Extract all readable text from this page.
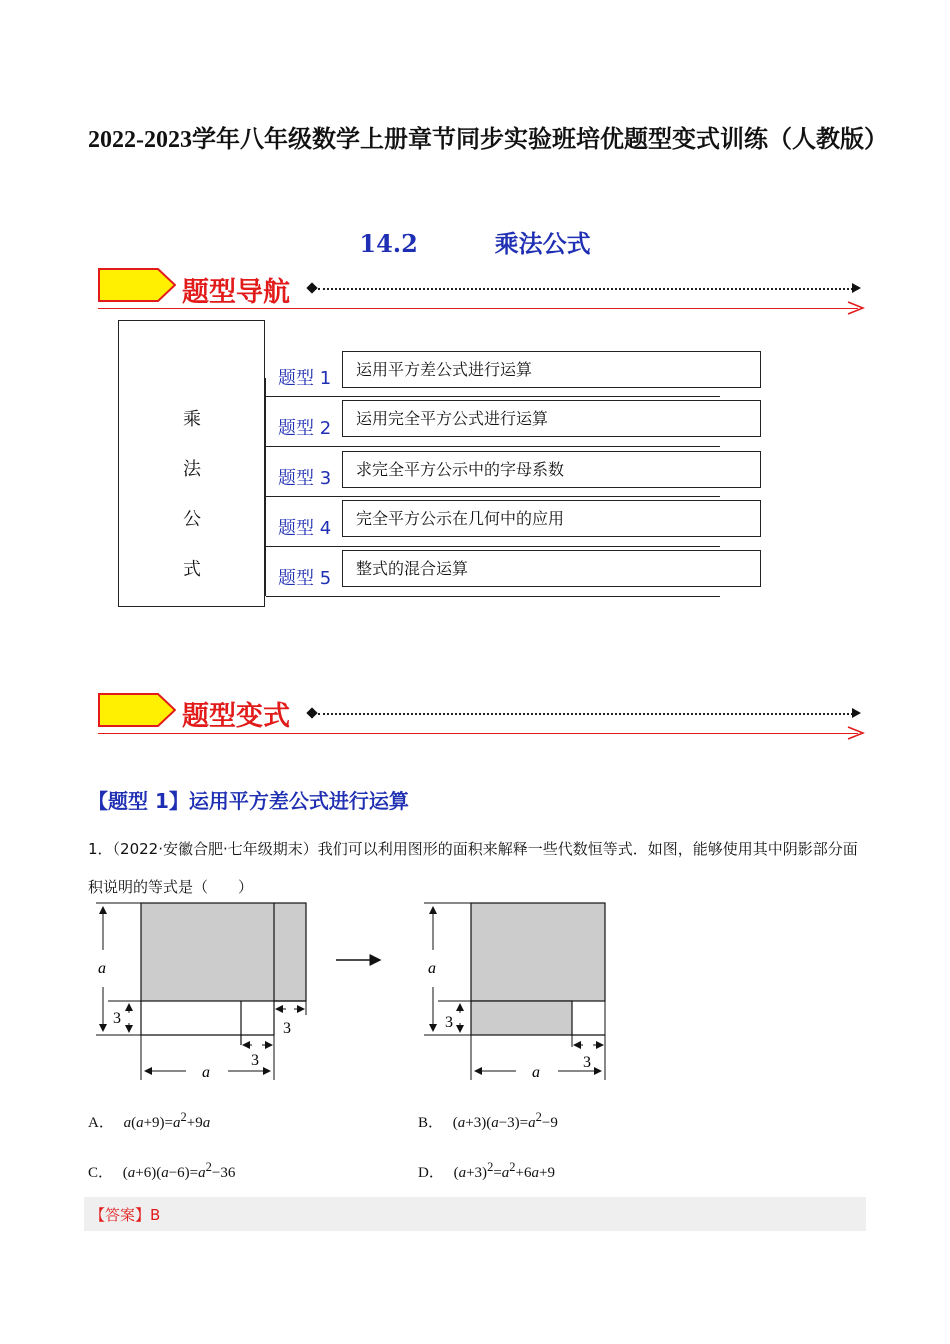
2022-2023学年八年级数学上册章节同步实验班培优题型变式训练（人教版）
14.2	乘法公式
题型导航
乘
法
公
式
题型 1	运用平方差公式进行运算
题型 2	运用完全平方公式进行运算
题型 3	求完全平方公示中的字母系数
题型 4	完全平方公示在几何中的应用
题型 5	整式的混合运算
题型变式
【题型 1】运用平方差公式进行运算
1．（2022·安徽合肥·七年级期末）我们可以利用图形的面积来解释一些代数恒等式．如图，能够使用其中阴影部分面积说明的等式是（　　）
a
3
3
3
a
a
3
3
a
A． $a(a+9)=a^2+9a$	B． $(a+3)(a-3)=a^2-9$
C． $(a+6)(a-6)=a^2-36$	D． $(a+3)^2=a^2+6a+9$
【答案】B
